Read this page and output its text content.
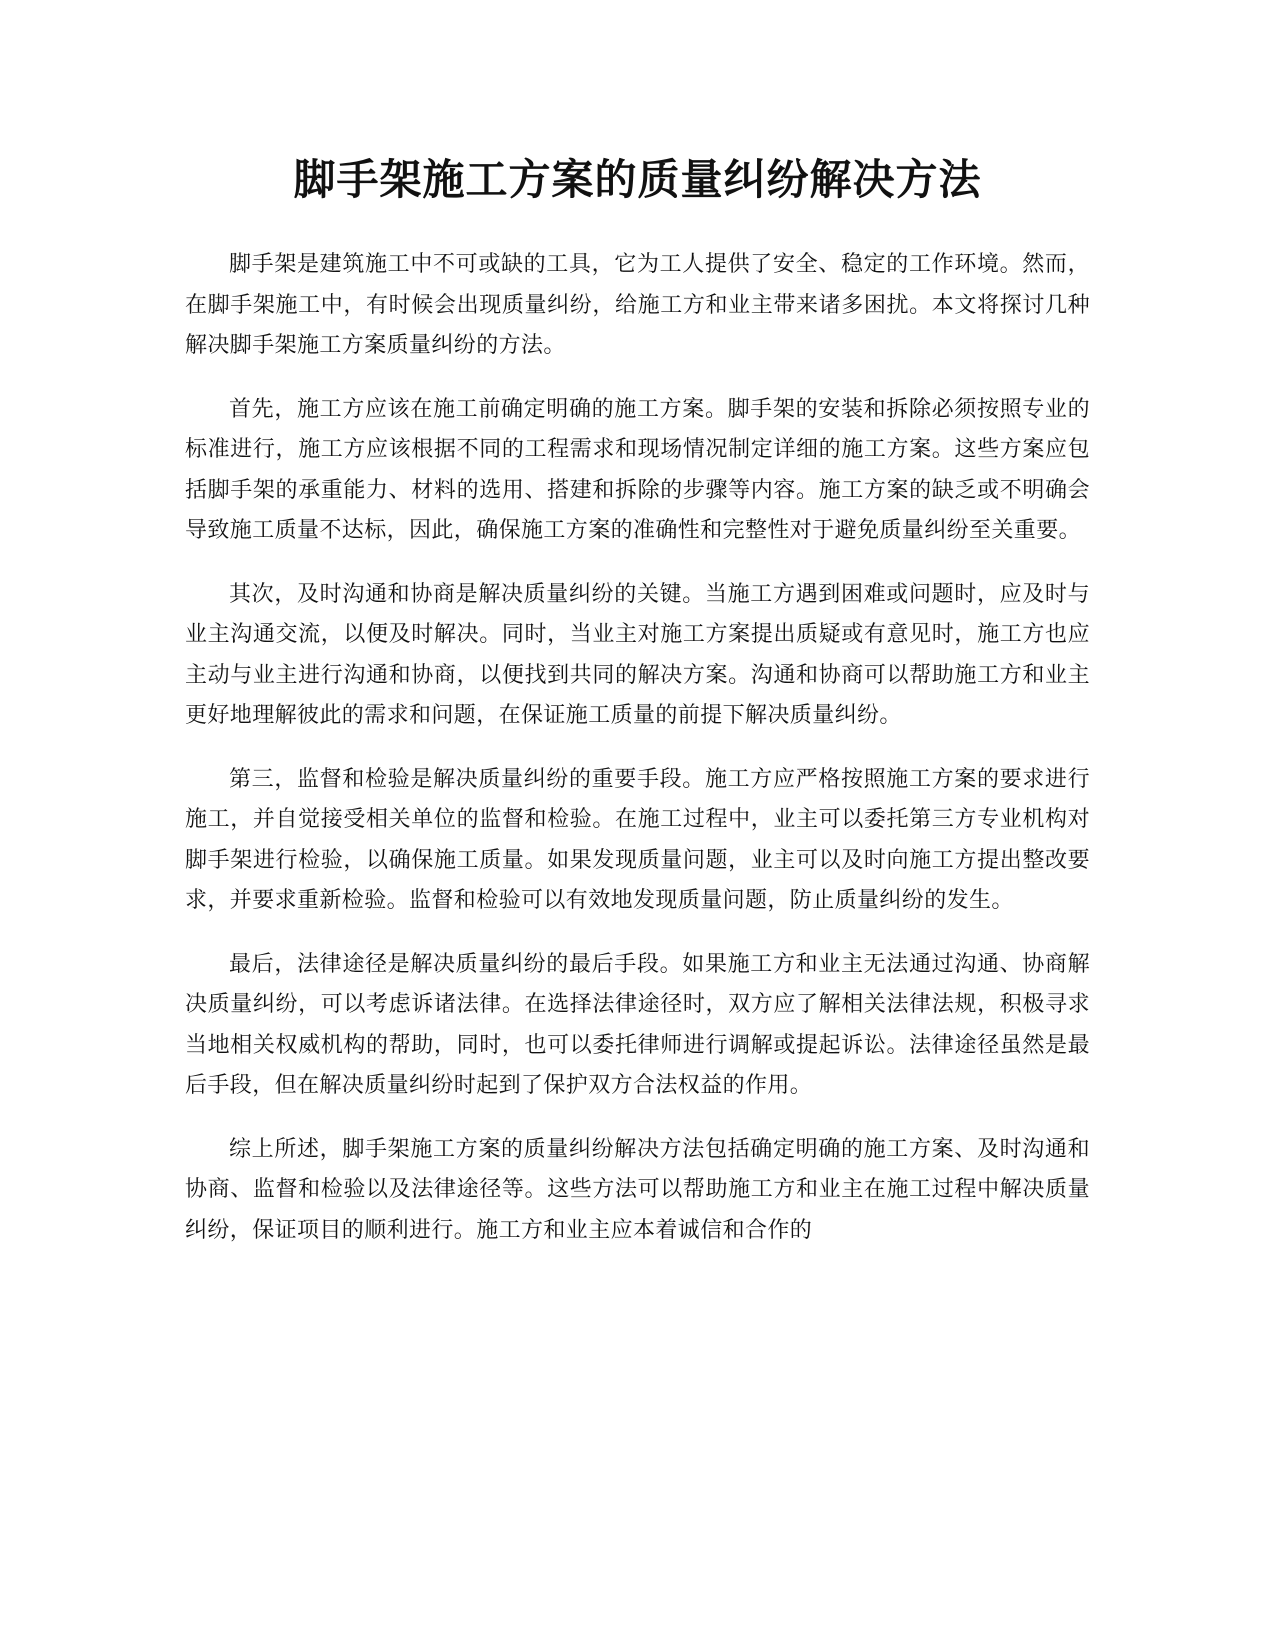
脚手架施工方案的质量纠纷解决方法

脚手架是建筑施工中不可或缺的工具，它为工人提供了安全、稳定的工作环境。然而，在脚手架施工中，有时候会出现质量纠纷，给施工方和业主带来诸多困扰。本文将探讨几种解决脚手架施工方案质量纠纷的方法。

首先，施工方应该在施工前确定明确的施工方案。脚手架的安装和拆除必须按照专业的标准进行，施工方应该根据不同的工程需求和现场情况制定详细的施工方案。这些方案应包括脚手架的承重能力、材料的选用、搭建和拆除的步骤等内容。施工方案的缺乏或不明确会导致施工质量不达标，因此，确保施工方案的准确性和完整性对于避免质量纠纷至关重要。

其次，及时沟通和协商是解决质量纠纷的关键。当施工方遇到困难或问题时，应及时与业主沟通交流，以便及时解决。同时，当业主对施工方案提出质疑或有意见时，施工方也应主动与业主进行沟通和协商，以便找到共同的解决方案。沟通和协商可以帮助施工方和业主更好地理解彼此的需求和问题，在保证施工质量的前提下解决质量纠纷。

第三，监督和检验是解决质量纠纷的重要手段。施工方应严格按照施工方案的要求进行施工，并自觉接受相关单位的监督和检验。在施工过程中，业主可以委托第三方专业机构对脚手架进行检验，以确保施工质量。如果发现质量问题，业主可以及时向施工方提出整改要求，并要求重新检验。监督和检验可以有效地发现质量问题，防止质量纠纷的发生。

最后，法律途径是解决质量纠纷的最后手段。如果施工方和业主无法通过沟通、协商解决质量纠纷，可以考虑诉诸法律。在选择法律途径时，双方应了解相关法律法规，积极寻求当地相关权威机构的帮助，同时，也可以委托律师进行调解或提起诉讼。法律途径虽然是最后手段，但在解决质量纠纷时起到了保护双方合法权益的作用。

综上所述，脚手架施工方案的质量纠纷解决方法包括确定明确的施工方案、及时沟通和协商、监督和检验以及法律途径等。这些方法可以帮助施工方和业主在施工过程中解决质量纠纷，保证项目的顺利进行。施工方和业主应本着诚信和合作的
